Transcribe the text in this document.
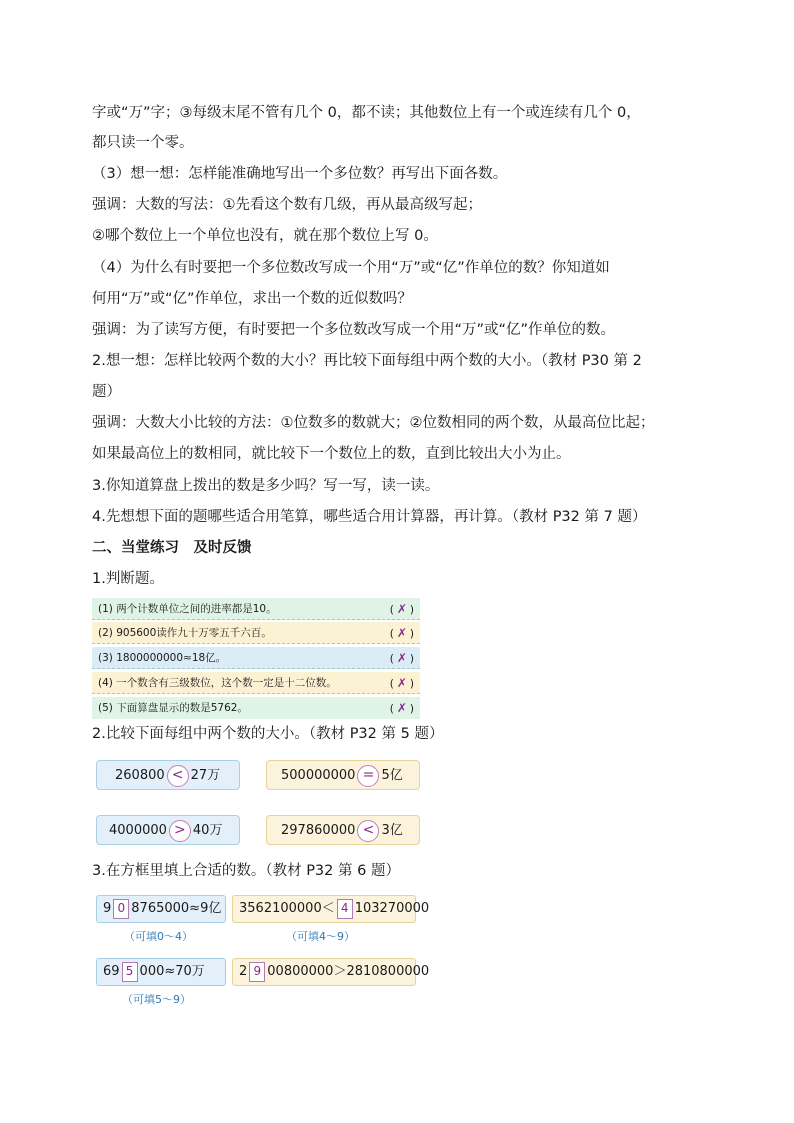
字或“万”字；③每级末尾不管有几个 0，都不读；其他数位上有一个或连续有几个 0，
都只读一个零。
（3）想一想：怎样能准确地写出一个多位数？再写出下面各数。
强调：大数的写法：①先看这个数有几级，再从最高级写起；
②哪个数位上一个单位也没有，就在那个数位上写 0。
（4）为什么有时要把一个多位数改写成一个用“万”或“亿”作单位的数？你知道如
何用“万”或“亿”作单位，求出一个数的近似数吗？
强调：为了读写方便，有时要把一个多位数改写成一个用“万”或“亿”作单位的数。
2.想一想：怎样比较两个数的大小？再比较下面每组中两个数的大小。（教材 P30 第 2
题）
强调：大数大小比较的方法：①位数多的数就大；②位数相同的两个数，从最高位比起；
如果最高位上的数相同，就比较下一个数位上的数，直到比较出大小为止。
3.你知道算盘上拨出的数是多少吗？写一写，读一读。
4.先想想下面的题哪些适合用笔算，哪些适合用计算器，再计算。（教材 P32 第 7 题）
二、当堂练习　及时反馈
1.判断题。
(1) 两个计数单位之间的进率都是10。	( ✗ )
(2) 905600读作九十万零五千六百。	( ✗ )
(3) 1800000000≈18亿。	( ✗ )
(4) 一个数含有三级数位，这个数一定是十二位数。	( ✗ )
(5) 下面算盘显示的数是5762。	( ✗ )
2.比较下面每组中两个数的大小。（教材 P32 第 5 题）
260800 < 27万	500000000 = 5亿
4000000 > 40万	297860000 < 3亿
3.在方框里填上合适的数。（教材 P32 第 6 题）
9 0 8765000≈9亿
（可填0～4）
3562100000＜ 4 103270000
（可填4～9）
69 5 000≈70万
（可填5～9）
2 9 00800000＞2810800000
